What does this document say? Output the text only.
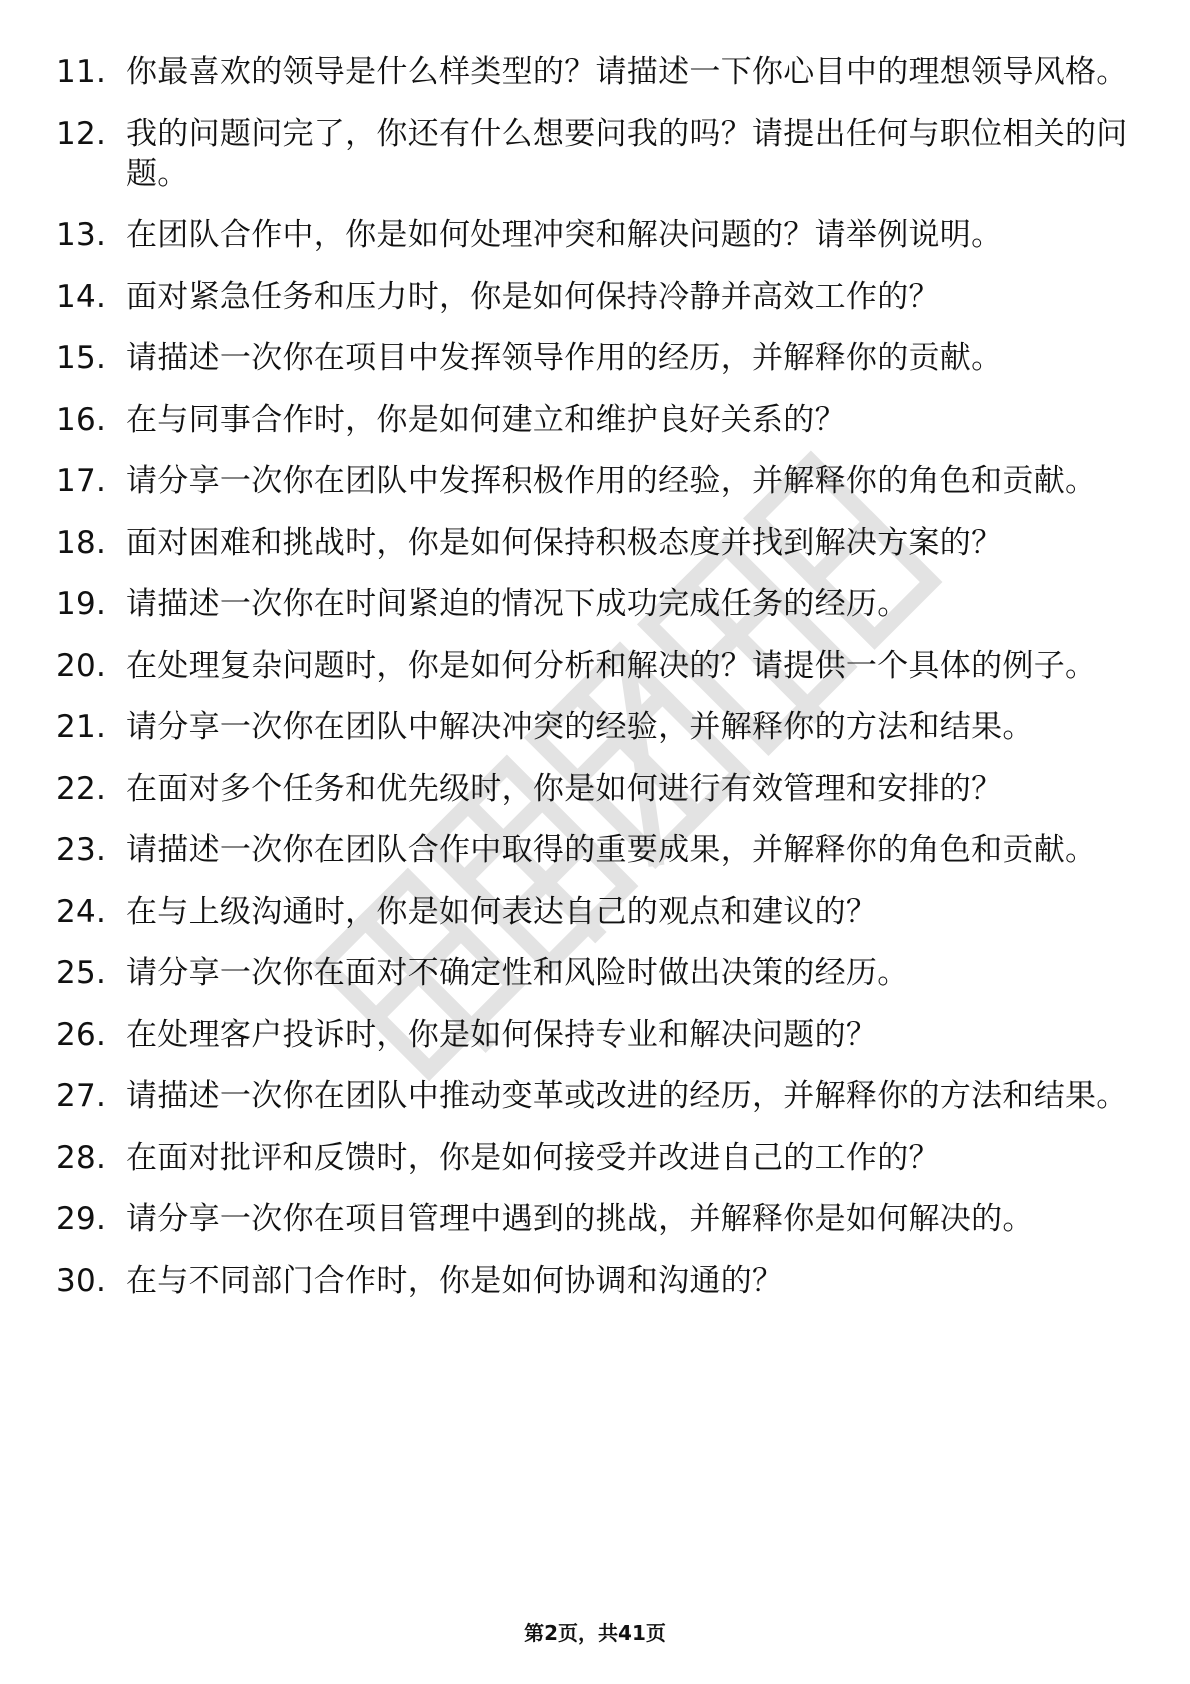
11. 你最喜欢的领导是什么样类型的？请描述一下你心目中的理想领导风格。
12. 我的问题问完了，你还有什么想要问我的吗？请提出任何与职位相关的问题。
13. 在团队合作中，你是如何处理冲突和解决问题的？请举例说明。
14. 面对紧急任务和压力时，你是如何保持冷静并高效工作的？
15. 请描述一次你在项目中发挥领导作用的经历，并解释你的贡献。
16. 在与同事合作时，你是如何建立和维护良好关系的？
17. 请分享一次你在团队中发挥积极作用的经验，并解释你的角色和贡献。
18. 面对困难和挑战时，你是如何保持积极态度并找到解决方案的？
19. 请描述一次你在时间紧迫的情况下成功完成任务的经历。
20. 在处理复杂问题时，你是如何分析和解决的？请提供一个具体的例子。
21. 请分享一次你在团队中解决冲突的经验，并解释你的方法和结果。
22. 在面对多个任务和优先级时，你是如何进行有效管理和安排的？
23. 请描述一次你在团队合作中取得的重要成果，并解释你的角色和贡献。
24. 在与上级沟通时，你是如何表达自己的观点和建议的？
25. 请分享一次你在面对不确定性和风险时做出决策的经历。
26. 在处理客户投诉时，你是如何保持专业和解决问题的？
27. 请描述一次你在团队中推动变革或改进的经历，并解释你的方法和结果。
28. 在面对批评和反馈时，你是如何接受并改进自己的工作的？
29. 请分享一次你在项目管理中遇到的挑战，并解释你是如何解决的。
30. 在与不同部门合作时，你是如何协调和沟通的？
第2页，共41页
